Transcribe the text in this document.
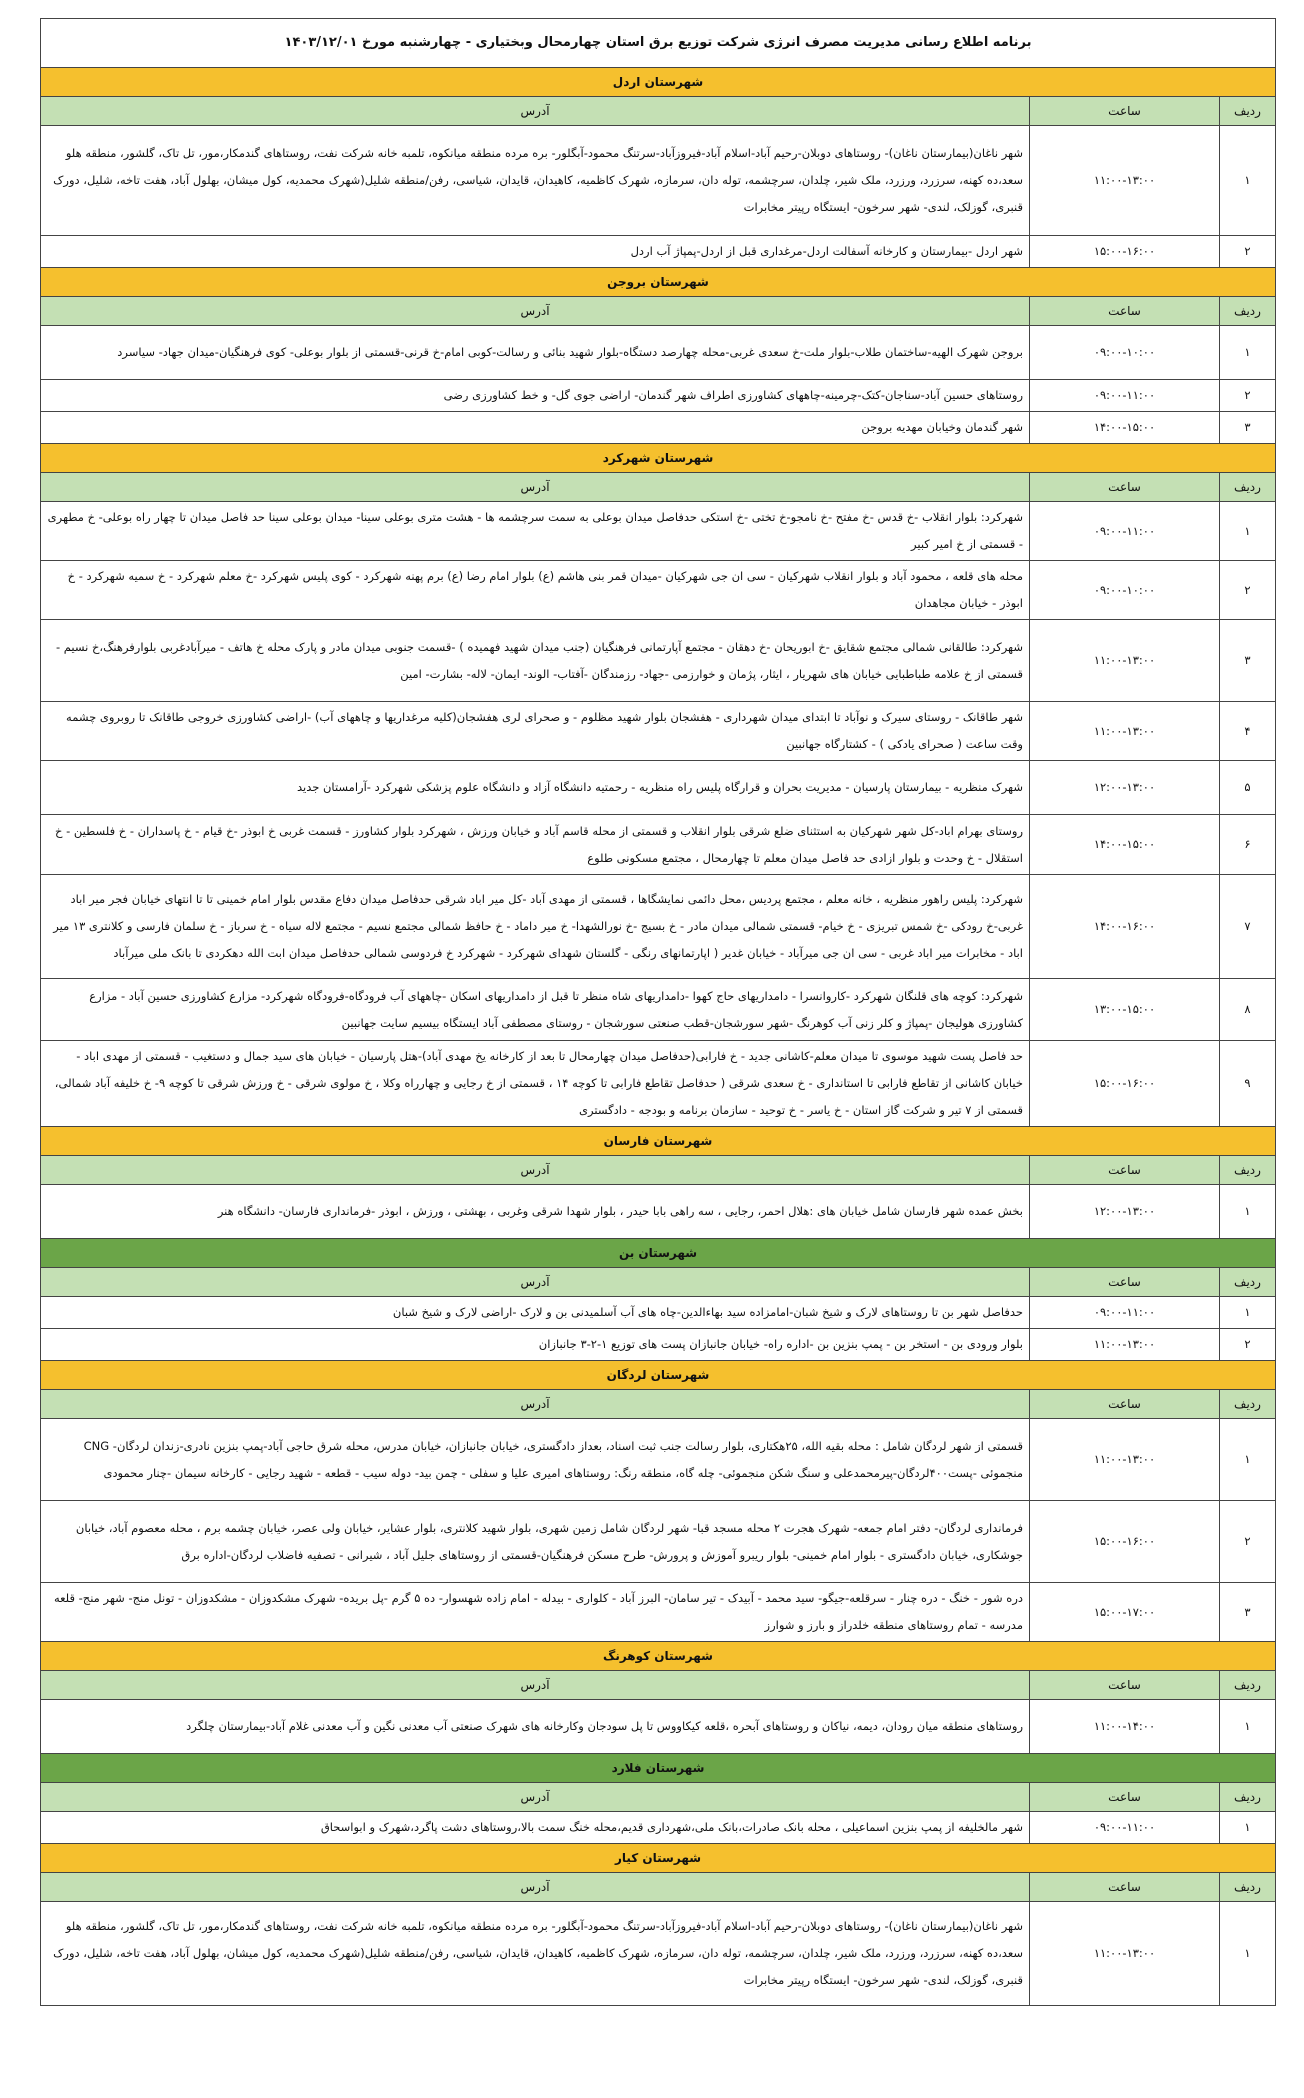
برنامه اطلاع رسانی مدیریت مصرف انرژی شرکت توزیع برق استان چهارمحال وبختیاری - چهارشنبه مورخ ۱۴۰۳/۱۲/۰۱		
شهرستان اردل		
ردیف	ساعت	آدرس
۱	۱۱:۰۰-۱۳:۰۰	شهر ناغان(بیمارستان ناغان)- روستاهای دوبلان-رحیم آباد-اسلام آباد-فیروزآباد-سرتنگ محمود-آبگلور- بره مرده منطقه میانکوه، تلمبه خانه شرکت نفت، روستاهای گندمکار،مور، تل تاک، گلشور، منطقه هلو سعد،ده کهنه، سرزرد، ورزرد، ملک شیر، چلدان، سرچشمه، توله دان، سرمازه، شهرک کاظمیه، کاهیدان، قایدان، شیاسی، رفن/منطقه شلیل(شهرک محمدیه، کول میشان، بهلول آباد، هفت تاخه، شلیل، دورک قنبری، گوزلک، لندی- شهر سرخون- ایستگاه رپیتر مخابرات
۲	۱۵:۰۰-۱۶:۰۰	شهر اردل -بیمارستان و کارخانه آسفالت اردل-مرغداری قبل از اردل-پمپاژ آب اردل
شهرستان بروجن		
ردیف	ساعت	آدرس
۱	۰۹:۰۰-۱۰:۰۰	بروجن شهرک الهیه-ساختمان طلاب-بلوار ملت-خ سعدی غربی-محله چهارصد دستگاه-بلوار شهید بنائی و رسالت-کوبی امام-خ قرنی-قسمتی از بلوار بوعلی- کوی فرهنگیان-میدان جهاد- سیاسرد
۲	۰۹:۰۰-۱۱:۰۰	روستاهای حسین آباد-سناجان-کتک-چرمینه-چاههای کشاورزی اطراف شهر گندمان- اراضی جوی گل- و خط کشاورزی رضی
۳	۱۴:۰۰-۱۵:۰۰	شهر گندمان وخیابان مهدیه بروجن
شهرستان شهرکرد		
ردیف	ساعت	آدرس
۱	۰۹:۰۰-۱۱:۰۰	شهرکرد: بلوار انقلاب -خ قدس -خ مفتح -خ نامجو-خ تختی -خ استکی حدفاصل میدان بوعلی به سمت سرچشمه ها - هشت متری بوعلی سینا- میدان بوعلی سینا حد فاصل میدان تا چهار راه بوعلی- خ مطهری - قسمتی از خ امیر کبیر
۲	۰۹:۰۰-۱۰:۰۰	محله های قلعه ، محمود آباد و بلوار انقلاب شهرکیان - سی ان جی شهرکیان -میدان قمر بنی هاشم (ع) بلوار امام رضا (ع) برم پهنه شهرکرد - کوی پلیس شهرکرد -خ معلم شهرکرد - خ سمیه شهرکرد - خ ابوذر - خیابان مجاهدان
۳	۱۱:۰۰-۱۳:۰۰	شهرکرد: طالقانی شمالی مجتمع شقایق -خ ابوریحان -خ دهقان - مجتمع آپارتمانی فرهنگیان (جنب میدان شهید فهمیده ) -قسمت جنوبی میدان مادر و پارک محله خ هاتف - میرآبادغربی بلوارفرهنگ،خ نسیم - قسمتی از خ علامه طباطبایی خیابان های شهریار ، ایثار، پژمان و خوارزمی -جهاد- رزمندگان -آفتاب- الوند- ایمان- لاله- بشارت- امین
۴	۱۱:۰۰-۱۳:۰۰	شهر طاقانک - روستای سیرک و نوآباد تا ابتدای میدان شهرداری - هفشجان بلوار شهید مظلوم - و صحرای لری هفشجان(کلیه مرغداریها و چاههای آب) -اراضی کشاورزی خروجی طاقانک تا روبروی چشمه وقت ساعت ( صحرای یادکی ) - کشتارگاه جهانبین
۵	۱۲:۰۰-۱۳:۰۰	شهرک منظریه - بیمارستان پارسیان - مدیریت بحران و قرارگاه پلیس راه منظریه - رحمتیه دانشگاه آزاد و دانشگاه علوم پزشکی شهرکرد -آرامستان جدید
۶	۱۴:۰۰-۱۵:۰۰	روستای بهرام اباد-کل شهر شهرکیان به استثنای ضلع شرقی بلوار انقلاب و قسمتی از محله قاسم آباد و خیابان ورزش ، شهرکرد بلوار کشاورز - قسمت غربی خ ابوذر -خ قیام - خ پاسداران - خ فلسطین - خ استقلال - خ وحدت و بلوار ازادی حد فاصل میدان معلم تا چهارمحال ، مجتمع مسکونی طلوع
۷	۱۴:۰۰-۱۶:۰۰	شهرکرد: پلیس راهور منظریه ، خانه معلم ، مجتمع پردیس ،محل دائمی نمایشگاها ، قسمتی از مهدی آباد -کل میر اباد شرقی حدفاصل میدان دفاع مقدس بلوار امام خمینی تا تا انتهای خیابان فجر میر اباد غربی-خ رودکی -خ شمس تبریزی - خ خیام- قسمتی شمالی میدان مادر - خ بسیج -خ نورالشهدا- خ میر داماد - خ حافظ شمالی مجتمع نسیم - مجتمع لاله سیاه - خ سرباز - خ سلمان فارسی و کلانتری ۱۳ میر اباد - مخابرات میر اباد غربی - سی ان جی میرآباد - خیابان غدیر ( اپارتمانهای رنگی - گلستان شهدای شهرکرد - شهرکرد خ فردوسی شمالی حدفاصل میدان ابت الله دهکردی تا بانک ملی میرآباد
۸	۱۳:۰۰-۱۵:۰۰	شهرکرد: کوچه های قلنگان شهرکرد -کاروانسرا - دامداریهای حاج کهوا -دامداریهای شاه منظر تا قبل از دامداریهای اسکان -چاههای آب فرودگاه-فرودگاه شهرکرد- مزارع کشاورزی حسین آباد - مزارع کشاورزی هولیجان -پمپاژ و کلر زنی آب کوهرنگ -شهر سورشجان-قطب صنعتی سورشجان - روستای مصطفی آباد ایستگاه بیسیم سایت جهانبین
۹	۱۵:۰۰-۱۶:۰۰	حد فاصل پست شهید موسوی تا میدان معلم-کاشانی جدید - خ فارابی(حدفاصل میدان چهارمحال تا بعد از کارخانه یخ مهدی آباد)-هتل پارسیان - خیابان های سید جمال و دستغیب - قسمتی از مهدی اباد - خیابان کاشانی از تقاطع فارابی تا استانداری - خ سعدی شرقی ( حدفاصل تقاطع فارابی تا کوچه ۱۴ ، قسمتی از خ رجایی و چهارراه وکلا ، خ مولوی شرقی - خ ورزش شرقی تا کوچه ۹- خ خلیفه آباد شمالی، قسمتی از ۷ تیر و شرکت گاز استان - خ یاسر - خ توحید - سازمان برنامه و بودجه - دادگستری
شهرستان فارسان		
ردیف	ساعت	آدرس
۱	۱۲:۰۰-۱۳:۰۰	بخش عمده شهر فارسان شامل خیابان های :هلال احمر، رجایی ، سه راهی بابا حیدر ، بلوار شهدا شرقی وغربی ، بهشتی ، ورزش ، ابوذر -فرمانداری فارسان- دانشگاه هنر
شهرستان بن		
ردیف	ساعت	آدرس
۱	۰۹:۰۰-۱۱:۰۰	حدفاصل شهر بن تا روستاهای لارک و شیخ شبان-امامزاده سید بهاءالدین-چاه های آب آسلمیدنی بن و لارک -اراضی لارک و شیخ شبان
۲	۱۱:۰۰-۱۳:۰۰	بلوار ورودی بن - استخر بن - پمپ بنزین بن -اداره راه- خیابان جانبازان پست های توزیع ۱-۲-۳ جانبازان
شهرستان لردگان		
ردیف	ساعت	آدرس
۱	۱۱:۰۰-۱۳:۰۰	قسمتی از شهر لردگان شامل : محله بقیه الله، ۲۵هکتاری، بلوار رسالت جنب ثبت اسناد، بعداز دادگستری، خیابان جانبازان، خیابان مدرس، محله شرق حاجی آباد-پمپ بنزین نادری-زندان لردگان- CNG منجموئی -پست۴۰۰لردگان-پیرمحمدعلی و سنگ شکن منجموئی- چله گاه، منطقه رنگ: روستاهای امیری علیا و سفلی - چمن بید- دوله سیب - قطعه - شهید رجایی - کارخانه سیمان -چنار محمودی
۲	۱۵:۰۰-۱۶:۰۰	فرمانداری لردگان- دفتر امام جمعه- شهرک هجرت ۲ محله مسجد قبا- شهر لردگان شامل زمین شهری، بلوار شهید کلانتری، بلوار عشایر، خیابان ولی عصر، خیابان چشمه برم ، محله معصوم آباد، خیابان جوشکاری، خیابان دادگستری - بلوار امام خمینی- بلوار ریبرو آموزش و پرورش- طرح مسکن فرهنگیان-قسمتی از روستاهای جلیل آباد ، شیرانی - تصفیه فاضلاب لردگان-اداره برق
۳	۱۵:۰۰-۱۷:۰۰	دره شور - خنگ - دره چنار - سرقلعه-جیگو- سید محمد - آبیدک - تیر سامان- البرز آباد - کلواری - بیدله - امام زاده شهسوار- ده ۵ گرم -پل بریده- شهرک مشکدوزان - مشکدوزان - تونل منج- شهر منج- قلعه مدرسه - تمام روستاهای منطقه خلدراز و بارز و شوارز
شهرستان کوهرنگ		
ردیف	ساعت	آدرس
۱	۱۱:۰۰-۱۴:۰۰	روستاهای منطقه میان رودان، دیمه، نیاکان و روستاهای آبحره ،قلعه کیکاووس تا پل سودجان وکارخانه های شهرک صنعتی آب معدنی نگین و آب معدنی غلام آباد-بیمارستان چلگرد
شهرستان فلارد		
ردیف	ساعت	آدرس
۱	۰۹:۰۰-۱۱:۰۰	شهر مالخلیفه از پمپ بنزین اسماعیلی ، محله بانک صادرات،بانک ملی،شهرداری قدیم،محله خنگ سمت بالا،روستاهای دشت پاگرد،شهرک و ابواسحاق
شهرستان کیار		
ردیف	ساعت	آدرس
۱	۱۱:۰۰-۱۳:۰۰	شهر ناغان(بیمارستان ناغان)- روستاهای دوبلان-رحیم آباد-اسلام آباد-فیروزآباد-سرتنگ محمود-آبگلور- بره مرده منطقه میانکوه، تلمبه خانه شرکت نفت، روستاهای گندمکار،مور، تل تاک، گلشور، منطقه هلو سعد،ده کهنه، سرزرد، ورزرد، ملک شیر، چلدان، سرچشمه، توله دان، سرمازه، شهرک کاظمیه، کاهیدان، قایدان، شیاسی، رفن/منطقه شلیل(شهرک محمدیه، کول میشان، بهلول آباد، هفت تاخه، شلیل، دورک قنبری، گوزلک، لندی- شهر سرخون- ایستگاه رپیتر مخابرات
